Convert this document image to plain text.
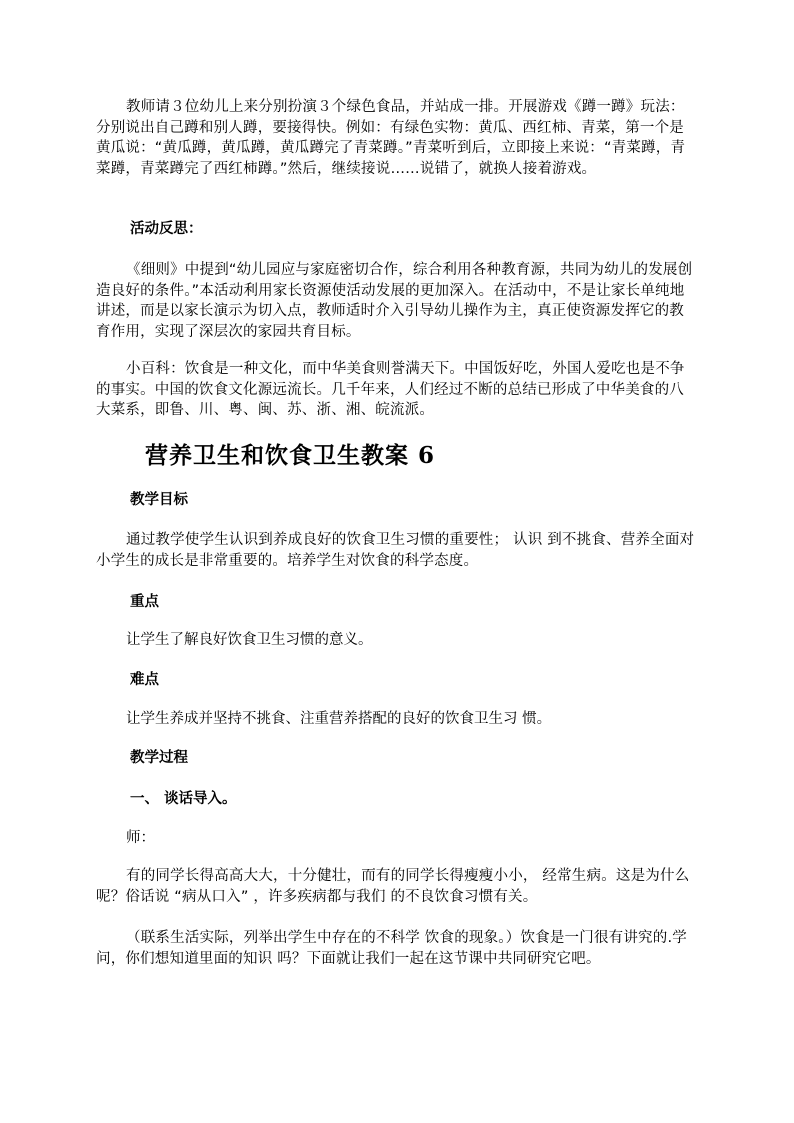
教师请３位幼儿上来分别扮演３个绿色食品，并站成一排。开展游戏《蹲一蹲》玩法：分别说出自己蹲和别人蹲，要接得快。例如：有绿色实物：黄瓜、西红柿、青菜，第一个是黄瓜说：“黄瓜蹲，黄瓜蹲，黄瓜蹲完了青菜蹲。”青菜听到后，立即接上来说：“青菜蹲，青菜蹲，青菜蹲完了西红柿蹲。”然后，继续接说……说错了，就换人接着游戏。

活动反思：

《细则》中提到“幼儿园应与家庭密切合作，综合利用各种教育源，共同为幼儿的发展创造良好的条件。”本活动利用家长资源使活动发展的更加深入。在活动中，不是让家长单纯地讲述，而是以家长演示为切入点，教师适时介入引导幼儿操作为主，真正使资源发挥它的教育作用，实现了深层次的家园共育目标。

小百科：饮食是一种文化，而中华美食则誉满天下。中国饭好吃，外国人爱吃也是不争的事实。中国的饮食文化源远流长。几千年来，人们经过不断的总结已形成了中华美食的八大菜系，即鲁、川、粤、闽、苏、浙、湘、皖流派。

营养卫生和饮食卫生教案 6

教学目标

通过教学使学生认识到养成良好的饮食卫生习惯的重要性； 认识 到不挑食、营养全面对小学生的成长是非常重要的。培养学生对饮食的科学态度。

重点

让学生了解良好饮食卫生习惯的意义。

难点

让学生养成并坚持不挑食、注重营养搭配的良好的饮食卫生习 惯。

教学过程

一、 谈话导入。

师：

有的同学长得高高大大，十分健壮，而有的同学长得瘦瘦小小， 经常生病。这是为什么呢？俗话说 “病从口入” ，许多疾病都与我们 的不良饮食习惯有关。

（联系生活实际，列举出学生中存在的不科学 饮食的现象。）饮食是一门很有讲究的.学问，你们想知道里面的知识 吗？下面就让我们一起在这节课中共同研究它吧。
